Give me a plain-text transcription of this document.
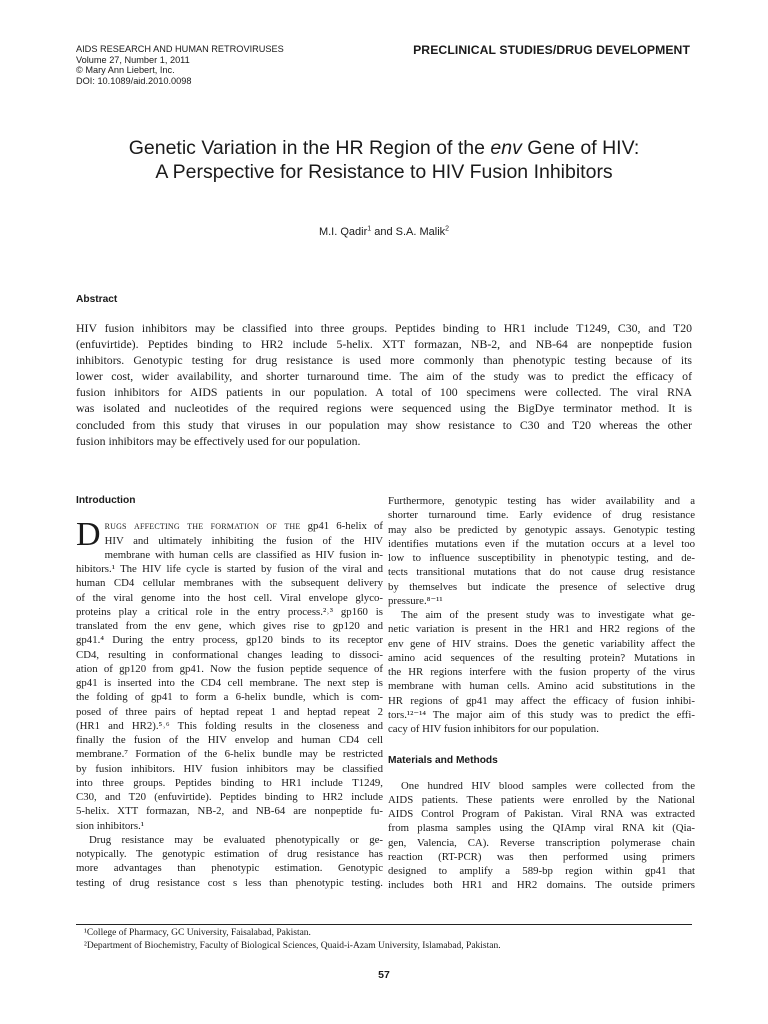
AIDS RESEARCH AND HUMAN RETROVIRUSES
Volume 27, Number 1, 2011
© Mary Ann Liebert, Inc.
DOI: 10.1089/aid.2010.0098
PRECLINICAL STUDIES/DRUG DEVELOPMENT
Genetic Variation in the HR Region of the env Gene of HIV:
A Perspective for Resistance to HIV Fusion Inhibitors
M.I. Qadir$^1$ and S.A. Malik$^2$
Abstract
HIV fusion inhibitors may be classified into three groups. Peptides binding to HR1 include T1249, C30, and T20
(enfuvirtide). Peptides binding to HR2 include 5-helix. XTT formazan, NB-2, and NB-64 are nonpeptide fusion
inhibitors. Genotypic testing for drug resistance is used more commonly than phenotypic testing because of its
lower cost, wider availability, and shorter turnaround time. The aim of the study was to predict the efficacy of
fusion inhibitors for AIDS patients in our population. A total of 100 specimens were collected. The viral RNA
was isolated and nucleotides of the required regions were sequenced using the BigDye terminator method. It is
concluded from this study that viruses in our population may show resistance to C30 and T20 whereas the other
fusion inhibitors may be effectively used for our population.
Introduction
D rugs affecting the formation of the gp41 6-helix of
HIV and ultimately inhibiting the fusion of the HIV
membrane with human cells are classified as HIV fusion in-
hibitors.¹ The HIV life cycle is started by fusion of the viral and
human CD4 cellular membranes with the subsequent delivery
of the viral genome into the host cell. Viral envelope glyco-
proteins play a critical role in the entry process.²˒³ gp160 is
translated from the env gene, which gives rise to gp120 and
gp41.⁴ During the entry process, gp120 binds to its receptor
CD4, resulting in conformational changes leading to dissoci-
ation of gp120 from gp41. Now the fusion peptide sequence of
gp41 is inserted into the CD4 cell membrane. The next step is
the folding of gp41 to form a 6-helix bundle, which is com-
posed of three pairs of heptad repeat 1 and heptad repeat 2
(HR1 and HR2).⁵˒⁶ This folding results in the closeness and
finally the fusion of the HIV envelop and human CD4 cell
membrane.⁷ Formation of the 6-helix bundle may be restricted
by fusion inhibitors. HIV fusion inhibitors may be classified
into three groups. Peptides binding to HR1 include T1249,
C30, and T20 (enfuvirtide). Peptides binding to HR2 include
5-helix. XTT formazan, NB-2, and NB-64 are nonpeptide fu-
sion inhibitors.¹
Drug resistance may be evaluated phenotypically or ge-
notypically. The genotypic estimation of drug resistance has
more advantages than phenotypic estimation. Genotypic
testing of drug resistance cost s less than phenotypic testing.
Furthermore, genotypic testing has wider availability and a
shorter turnaround time. Early evidence of drug resistance
may also be predicted by genotypic assays. Genotypic testing
identifies mutations even if the mutation occurs at a level too
low to influence susceptibility in phenotypic testing, and de-
tects transitional mutations that do not cause drug resistance
by themselves but indicate the presence of selective drug
pressure.⁸⁻¹¹
The aim of the present study was to investigate what ge-
netic variation is present in the HR1 and HR2 regions of the
env gene of HIV strains. Does the genetic variability affect the
amino acid sequences of the resulting protein? Mutations in
the HR regions interfere with the fusion property of the virus
membrane with human cells. Amino acid substitutions in the
HR regions of gp41 may affect the efficacy of fusion inhibi-
tors.¹²⁻¹⁴ The major aim of this study was to predict the effi-
cacy of HIV fusion inhibitors for our population.
Materials and Methods
One hundred HIV blood samples were collected from the
AIDS patients. These patients were enrolled by the National
AIDS Control Program of Pakistan. Viral RNA was extracted
from plasma samples using the QIAmp viral RNA kit (Qia-
gen, Valencia, CA). Reverse transcription polymerase chain
reaction (RT-PCR) was then performed using primers
designed to amplify a 589-bp region within gp41 that
includes both HR1 and HR2 domains. The outside primers
¹College of Pharmacy, GC University, Faisalabad, Pakistan.
²Department of Biochemistry, Faculty of Biological Sciences, Quaid-i-Azam University, Islamabad, Pakistan.
57
